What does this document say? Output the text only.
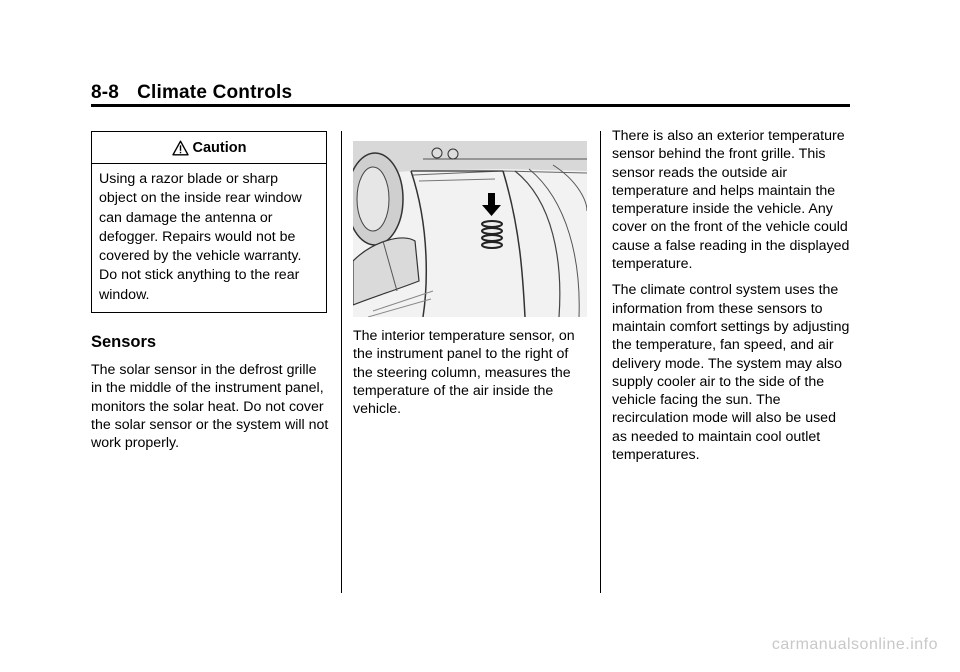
8-8 Climate Controls
Caution
Using a razor blade or sharp object on the inside rear window can damage the antenna or defogger. Repairs would not be covered by the vehicle warranty. Do not stick anything to the rear window.
Sensors

The solar sensor in the defrost grille in the middle of the instrument panel, monitors the solar heat. Do not cover the solar sensor or the system will not work properly.

The interior temperature sensor, on the instrument panel to the right of the steering column, measures the temperature of the air inside the vehicle.

There is also an exterior temperature sensor behind the front grille. This sensor reads the outside air temperature and helps maintain the temperature inside the vehicle. Any cover on the front of the vehicle could cause a false reading in the displayed temperature.

The climate control system uses the information from these sensors to maintain comfort settings by adjusting the temperature, fan speed, and air delivery mode. The system may also supply cooler air to the side of the vehicle facing the sun. The recirculation mode will also be used as needed to maintain cool outlet temperatures.

carmanualsonline.info
